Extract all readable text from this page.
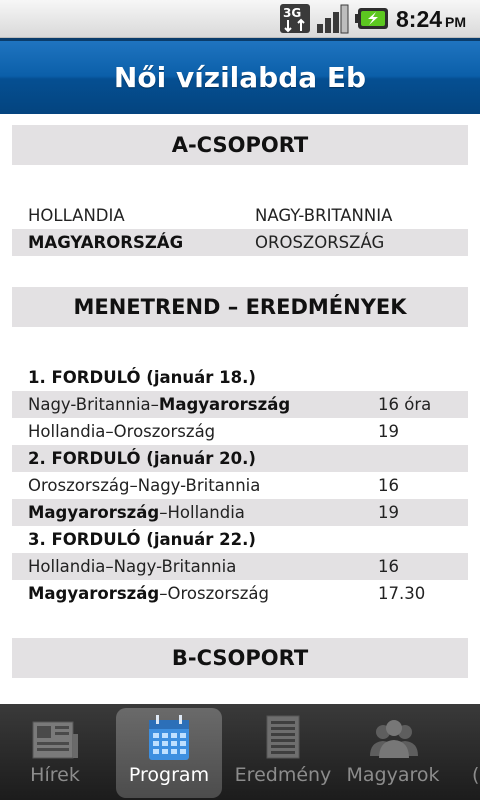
3G	8:24 PM
Női vízilabda Eb
A-CSOPORT
HOLLANDIA	NAGY-BRITANNIA
MAGYARORSZÁG	OROSZORSZÁG
MENETREND – EREDMÉNYEK
1. FORDULÓ (január 18.)
Nagy-Britannia–Magyarország	16 óra
Hollandia–Oroszország	19
2. FORDULÓ (január 20.)
Oroszország–Nagy-Britannia	16
Magyarország–Hollandia	19
3. FORDULÓ (január 22.)
Hollandia–Nagy-Britannia	16
Magyarország–Oroszország	17.30
B-CSOPORT
Hírek	Program	Eredmény Magyarok	(
